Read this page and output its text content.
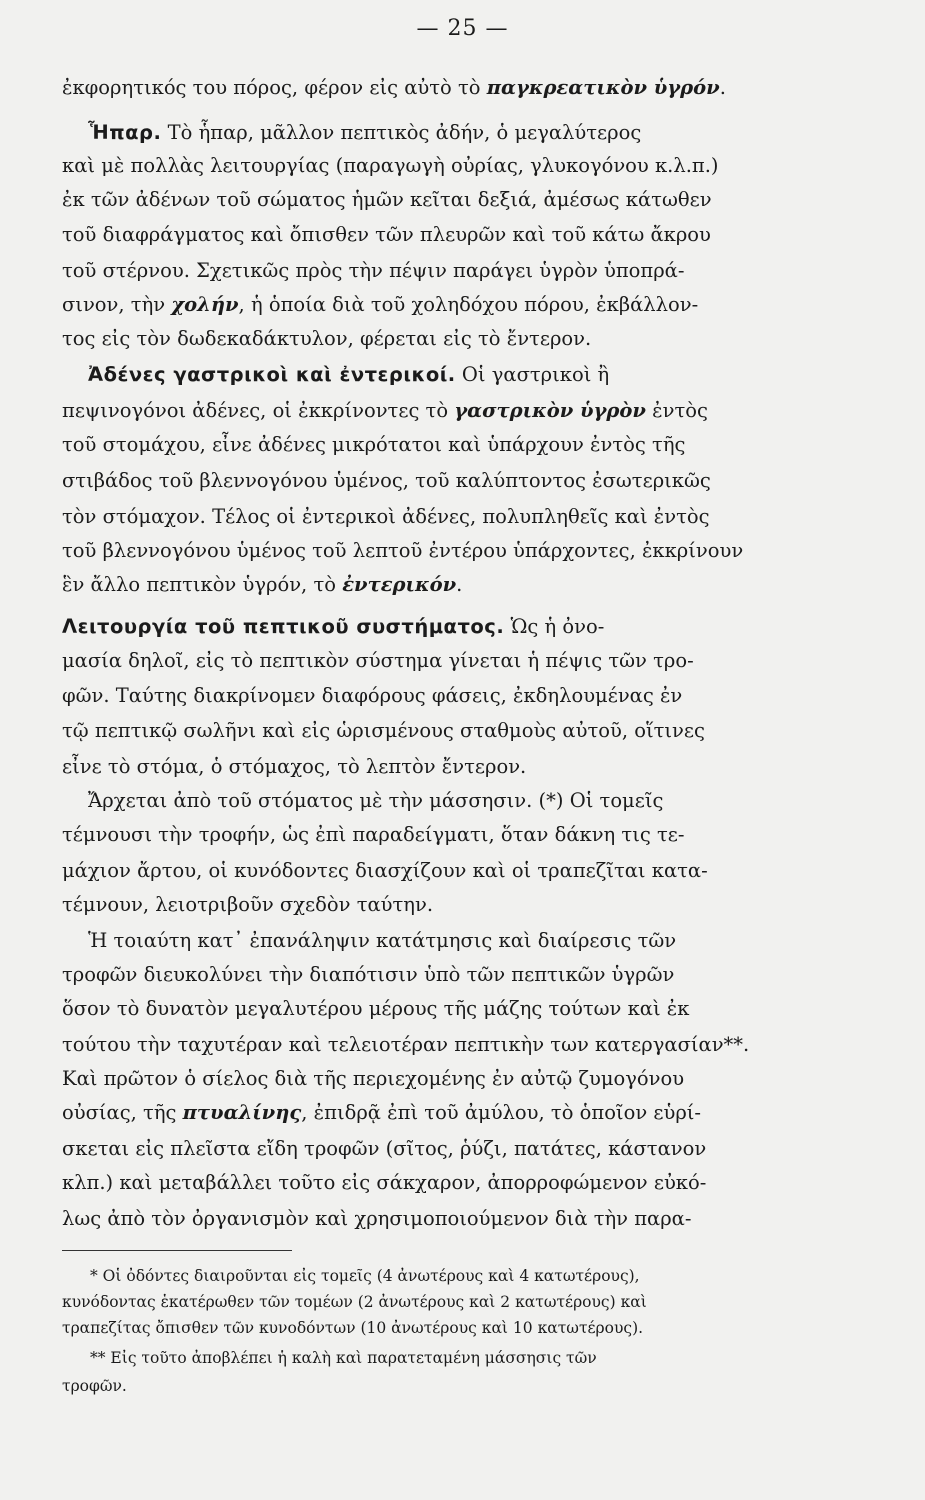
— 25 —
ἐκφορητικός του πόρος, φέρον εἰς αὐτὸ τὸ παγκρεατικὸν ὑγρόν.
Ἧπαρ. Τὸ ἧπαρ, μᾶλλον πεπτικὸς ἀδήν, ὁ μεγαλύτερος
καὶ μὲ πολλὰς λειτουργίας (παραγωγὴ οὐρίας, γλυκογόνου κ.λ.π.)
ἐκ τῶν ἀδένων τοῦ σώματος ἡμῶν κεῖται δεξιά, ἀμέσως κάτωθεν
τοῦ διαφράγματος καὶ ὄπισθεν τῶν πλευρῶν καὶ τοῦ κάτω ἄκρου
τοῦ στέρνου. Σχετικῶς πρὸς τὴν πέψιν παράγει ὑγρὸν ὑποπρά-
σινον, τὴν χολήν, ἡ ὁποία διὰ τοῦ χοληδόχου πόρου, ἐκβάλλον-
τος εἰς τὸν δωδεκαδάκτυλον, φέρεται εἰς τὸ ἔντερον.
Ἀδένες γαστρικοὶ καὶ ἐντερικοί. Οἱ γαστρικοὶ ἢ
πεψινογόνοι ἀδένες, οἱ ἐκκρίνοντες τὸ γαστρικὸν ὑγρὸν ἐντὸς
τοῦ στομάχου, εἶνε ἀδένες μικρότατοι καὶ ὑπάρχουν ἐντὸς τῆς
στιβάδος τοῦ βλεννογόνου ὑμένος, τοῦ καλύπτοντος ἐσωτερικῶς
τὸν στόμαχον. Τέλος οἱ ἐντερικοὶ ἀδένες, πολυπληθεῖς καὶ ἐντὸς
τοῦ βλεννογόνου ὑμένος τοῦ λεπτοῦ ἐντέρου ὑπάρχοντες, ἐκκρίνουν
ἓν ἄλλο πεπτικὸν ὑγρόν, τὸ ἐντερικόν.
Λειτουργία τοῦ πεπτικοῦ συστήματος. Ὡς ἡ ὀνο-
μασία δηλοῖ, εἰς τὸ πεπτικὸν σύστημα γίνεται ἡ πέψις τῶν τρο-
φῶν. Ταύτης διακρίνομεν διαφόρους φάσεις, ἐκδηλουμένας ἐν
τῷ πεπτικῷ σωλῆνι καὶ εἰς ὡρισμένους σταθμοὺς αὐτοῦ, οἵτινες
εἶνε τὸ στόμα, ὁ στόμαχος, τὸ λεπτὸν ἔντερον.
Ἄρχεται ἀπὸ τοῦ στόματος μὲ τὴν μάσσησιν. (*) Οἱ τομεῖς
τέμνουσι τὴν τροφήν, ὡς ἐπὶ παραδείγματι, ὅταν δάκνη τις τε-
μάχιον ἄρτου, οἱ κυνόδοντες διασχίζουν καὶ οἱ τραπεζῖται κατα-
τέμνουν, λειοτριβοῦν σχεδὸν ταύτην.
Ἡ τοιαύτη κατ᾽ ἐπανάληψιν κατάτμησις καὶ διαίρεσις τῶν
τροφῶν διευκολύνει τὴν διαπότισιν ὑπὸ τῶν πεπτικῶν ὑγρῶν
ὅσον τὸ δυνατὸν μεγαλυτέρου μέρους τῆς μάζης τούτων καὶ ἐκ
τούτου τὴν ταχυτέραν καὶ τελειοτέραν πεπτικὴν των κατεργασίαν**.
Καὶ πρῶτον ὁ σίελος διὰ τῆς περιεχομένης ἐν αὐτῷ ζυμογόνου
οὐσίας, τῆς πτυαλίνης, ἐπιδρᾷ ἐπὶ τοῦ ἀμύλου, τὸ ὁποῖον εὑρί-
σκεται εἰς πλεῖστα εἴδη τροφῶν (σῖτος, ῥύζι, πατάτες, κάστανον
κλπ.) καὶ μεταβάλλει τοῦτο εἰς σάκχαρον, ἀπορροφώμενον εὐκό-
λως ἀπὸ τὸν ὀργανισμὸν καὶ χρησιμοποιούμενον διὰ τὴν παρα-
* Οἱ ὀδόντες διαιροῦνται εἰς τομεῖς (4 ἀνωτέρους καὶ 4 κατωτέρους),
κυνόδοντας ἑκατέρωθεν τῶν τομέων (2 ἀνωτέρους καὶ 2 κατωτέρους) καὶ
τραπεζίτας ὄπισθεν τῶν κυνοδόντων (10 ἀνωτέρους καὶ 10 κατωτέρους).
** Εἰς τοῦτο ἀποβλέπει ἡ καλὴ καὶ παρατεταμένη μάσσησις τῶν
τροφῶν.
